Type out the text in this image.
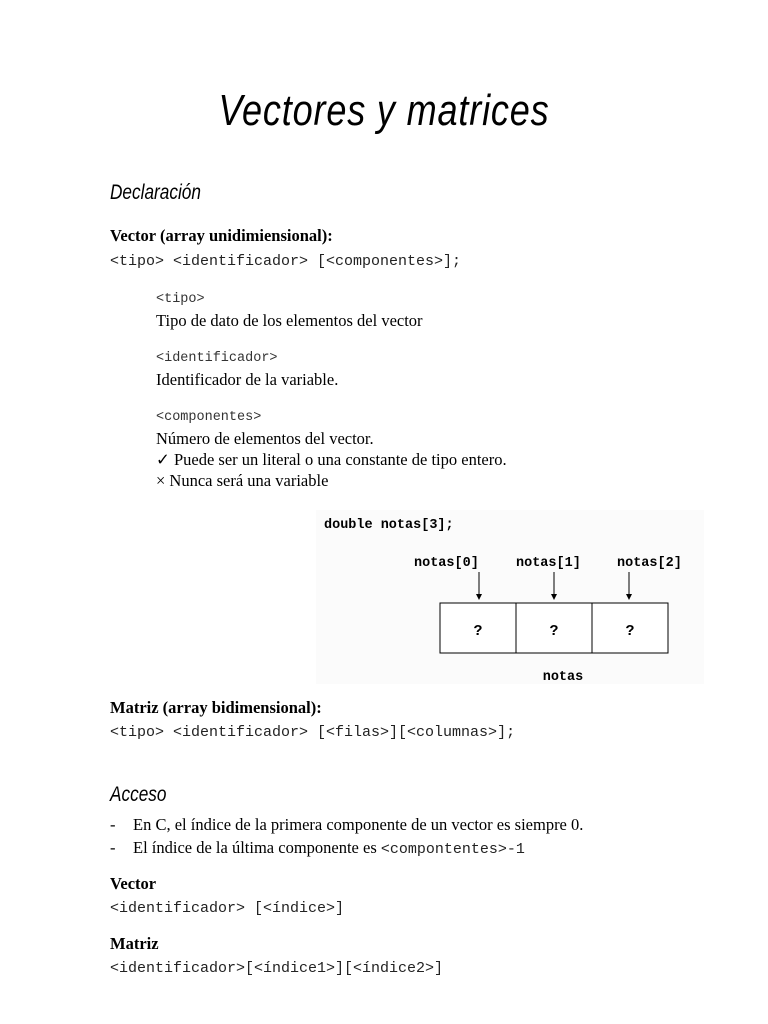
Vectores y matrices
Declaración
Vector (array unidimiensional):
<tipo> <identificador> [<componentes>];
<tipo>
Tipo de dato de los elementos del vector
<identificador>
Identificador de la variable.
<componentes>
Número de elementos del vector.
✓ Puede ser un literal o una constante de tipo entero.
× Nunca será una variable
double notas[3];
notas[0]	notas[1]	notas[2]
?	?	?
notas
Matriz (array bidimensional):
<tipo> <identificador> [<filas>][<columnas>];
Acceso
- En C, el índice de la primera componente de un vector es siempre 0.
- El índice de la última componente es <compontentes>-1
Vector
<identificador> [<índice>]
Matriz
<identificador>[<índice1>][<índice2>]
